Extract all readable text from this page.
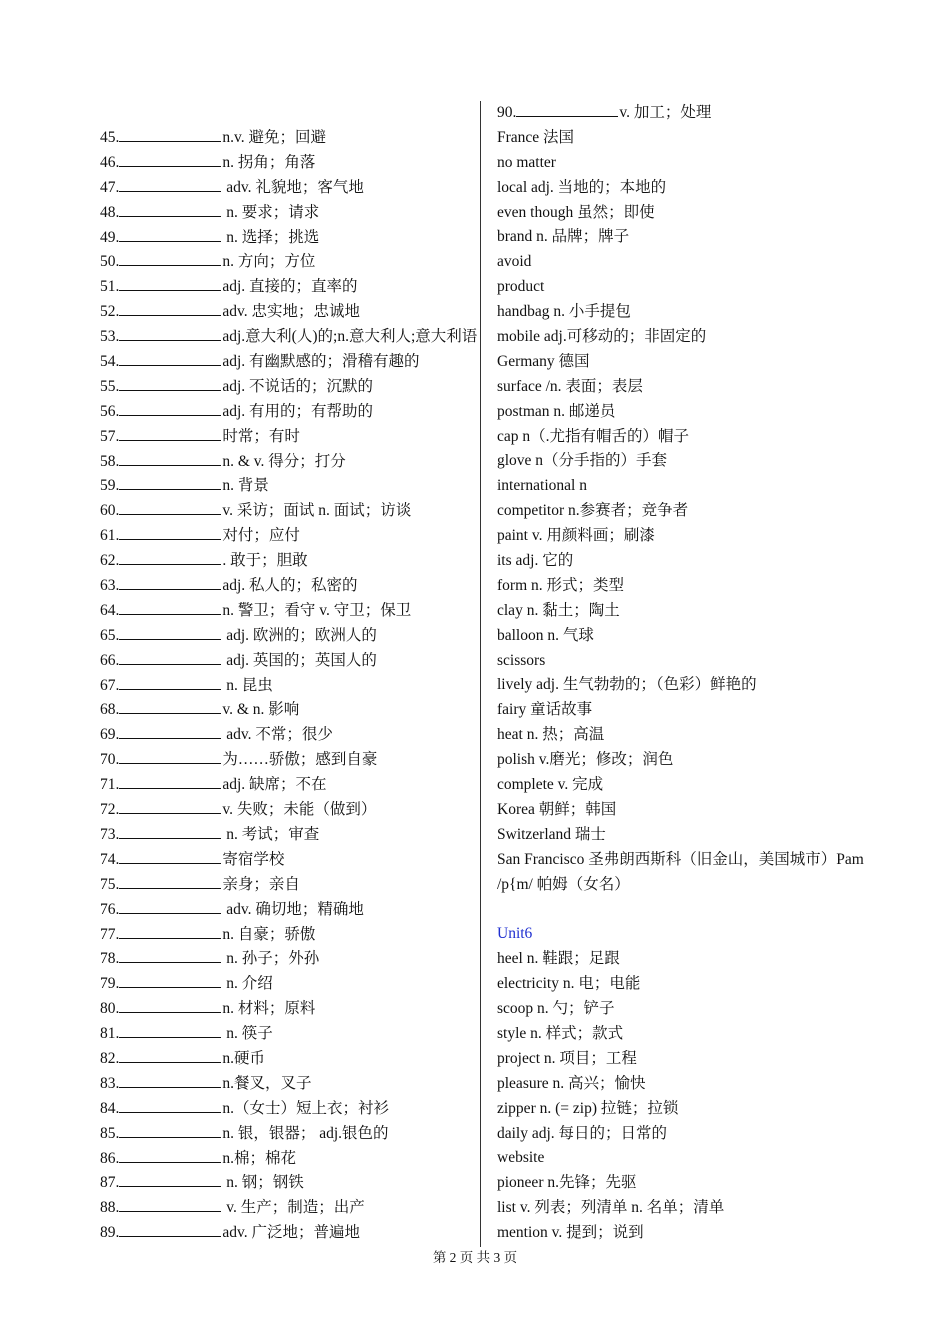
45.	n.v. 避免；回避
46.	n. 拐角；角落
47.	adv. 礼貌地；客气地
48.	n. 要求；请求
49.	n. 选择；挑选
50.	n. 方向；方位
51.	adj. 直接的；直率的
52.	adv. 忠实地；忠诚地
53.	adj.意大利(人)的;n.意大利人;意大利语
54.	adj. 有幽默感的；滑稽有趣的
55.	adj. 不说话的；沉默的
56.	adj. 有用的；有帮助的
57.	时常；有时
58.	n. & v. 得分；打分
59.	n. 背景
60.	v. 采访；面试 n. 面试；访谈
61.	对付；应付
62.	. 敢于；胆敢
63.	adj. 私人的；私密的
64.	n. 警卫；看守 v. 守卫；保卫
65.	adj. 欧洲的；欧洲人的
66.	adj. 英国的；英国人的
67.	n. 昆虫
68.	v. & n. 影响
69.	adv. 不常；很少
70.	为……骄傲；感到自豪
71.	adj. 缺席；不在
72.	v. 失败；未能（做到）
73.	n. 考试；审查
74.	寄宿学校
75.	亲身；亲自
76.	adv. 确切地；精确地
77.	n. 自豪；骄傲
78.	n. 孙子；外孙
79.	n. 介绍
80.	n. 材料；原料
81.	n. 筷子
82.	n.硬币
83.	n.餐叉，叉子
84.	n.（女士）短上衣；衬衫
85.	n. 银，银器； adj.银色的
86.	n.棉；棉花
87.	n. 钢；钢铁
88.	v. 生产；制造；出产
89.	adv. 广泛地；普遍地
90.	v. 加工；处理
France 法国
no matter
local adj. 当地的；本地的
even though 虽然；即使
brand n. 品牌；牌子
avoid
product
handbag n. 小手提包
mobile adj.可移动的；非固定的
Germany 德国
surface /n. 表面；表层
postman n. 邮递员
cap n（.尤指有帽舌的）帽子
glove n（分手指的）手套
international n
competitor n.参赛者；竞争者
paint v. 用颜料画；刷漆
its adj. 它的
form n. 形式；类型
clay n. 黏土；陶土
balloon n. 气球
scissors
lively adj. 生气勃勃的；（色彩）鲜艳的
fairy 童话故事
heat n. 热；高温
polish v.磨光；修改；润色
complete v. 完成
Korea 朝鲜；韩国
Switzerland 瑞士
San Francisco 圣弗朗西斯科（旧金山，美国城市）Pam /p{m/ 帕姆（女名）
Unit6
heel n. 鞋跟；足跟
electricity n. 电；电能
scoop n. 勺；铲子
style n. 样式；款式
project n. 项目；工程
pleasure n. 高兴；愉快
zipper n. (= zip) 拉链；拉锁
daily adj. 每日的；日常的
website
pioneer n.先锋；先驱
list v. 列表；列清单 n. 名单；清单
mention v. 提到；说到
第 2 页 共 3 页
